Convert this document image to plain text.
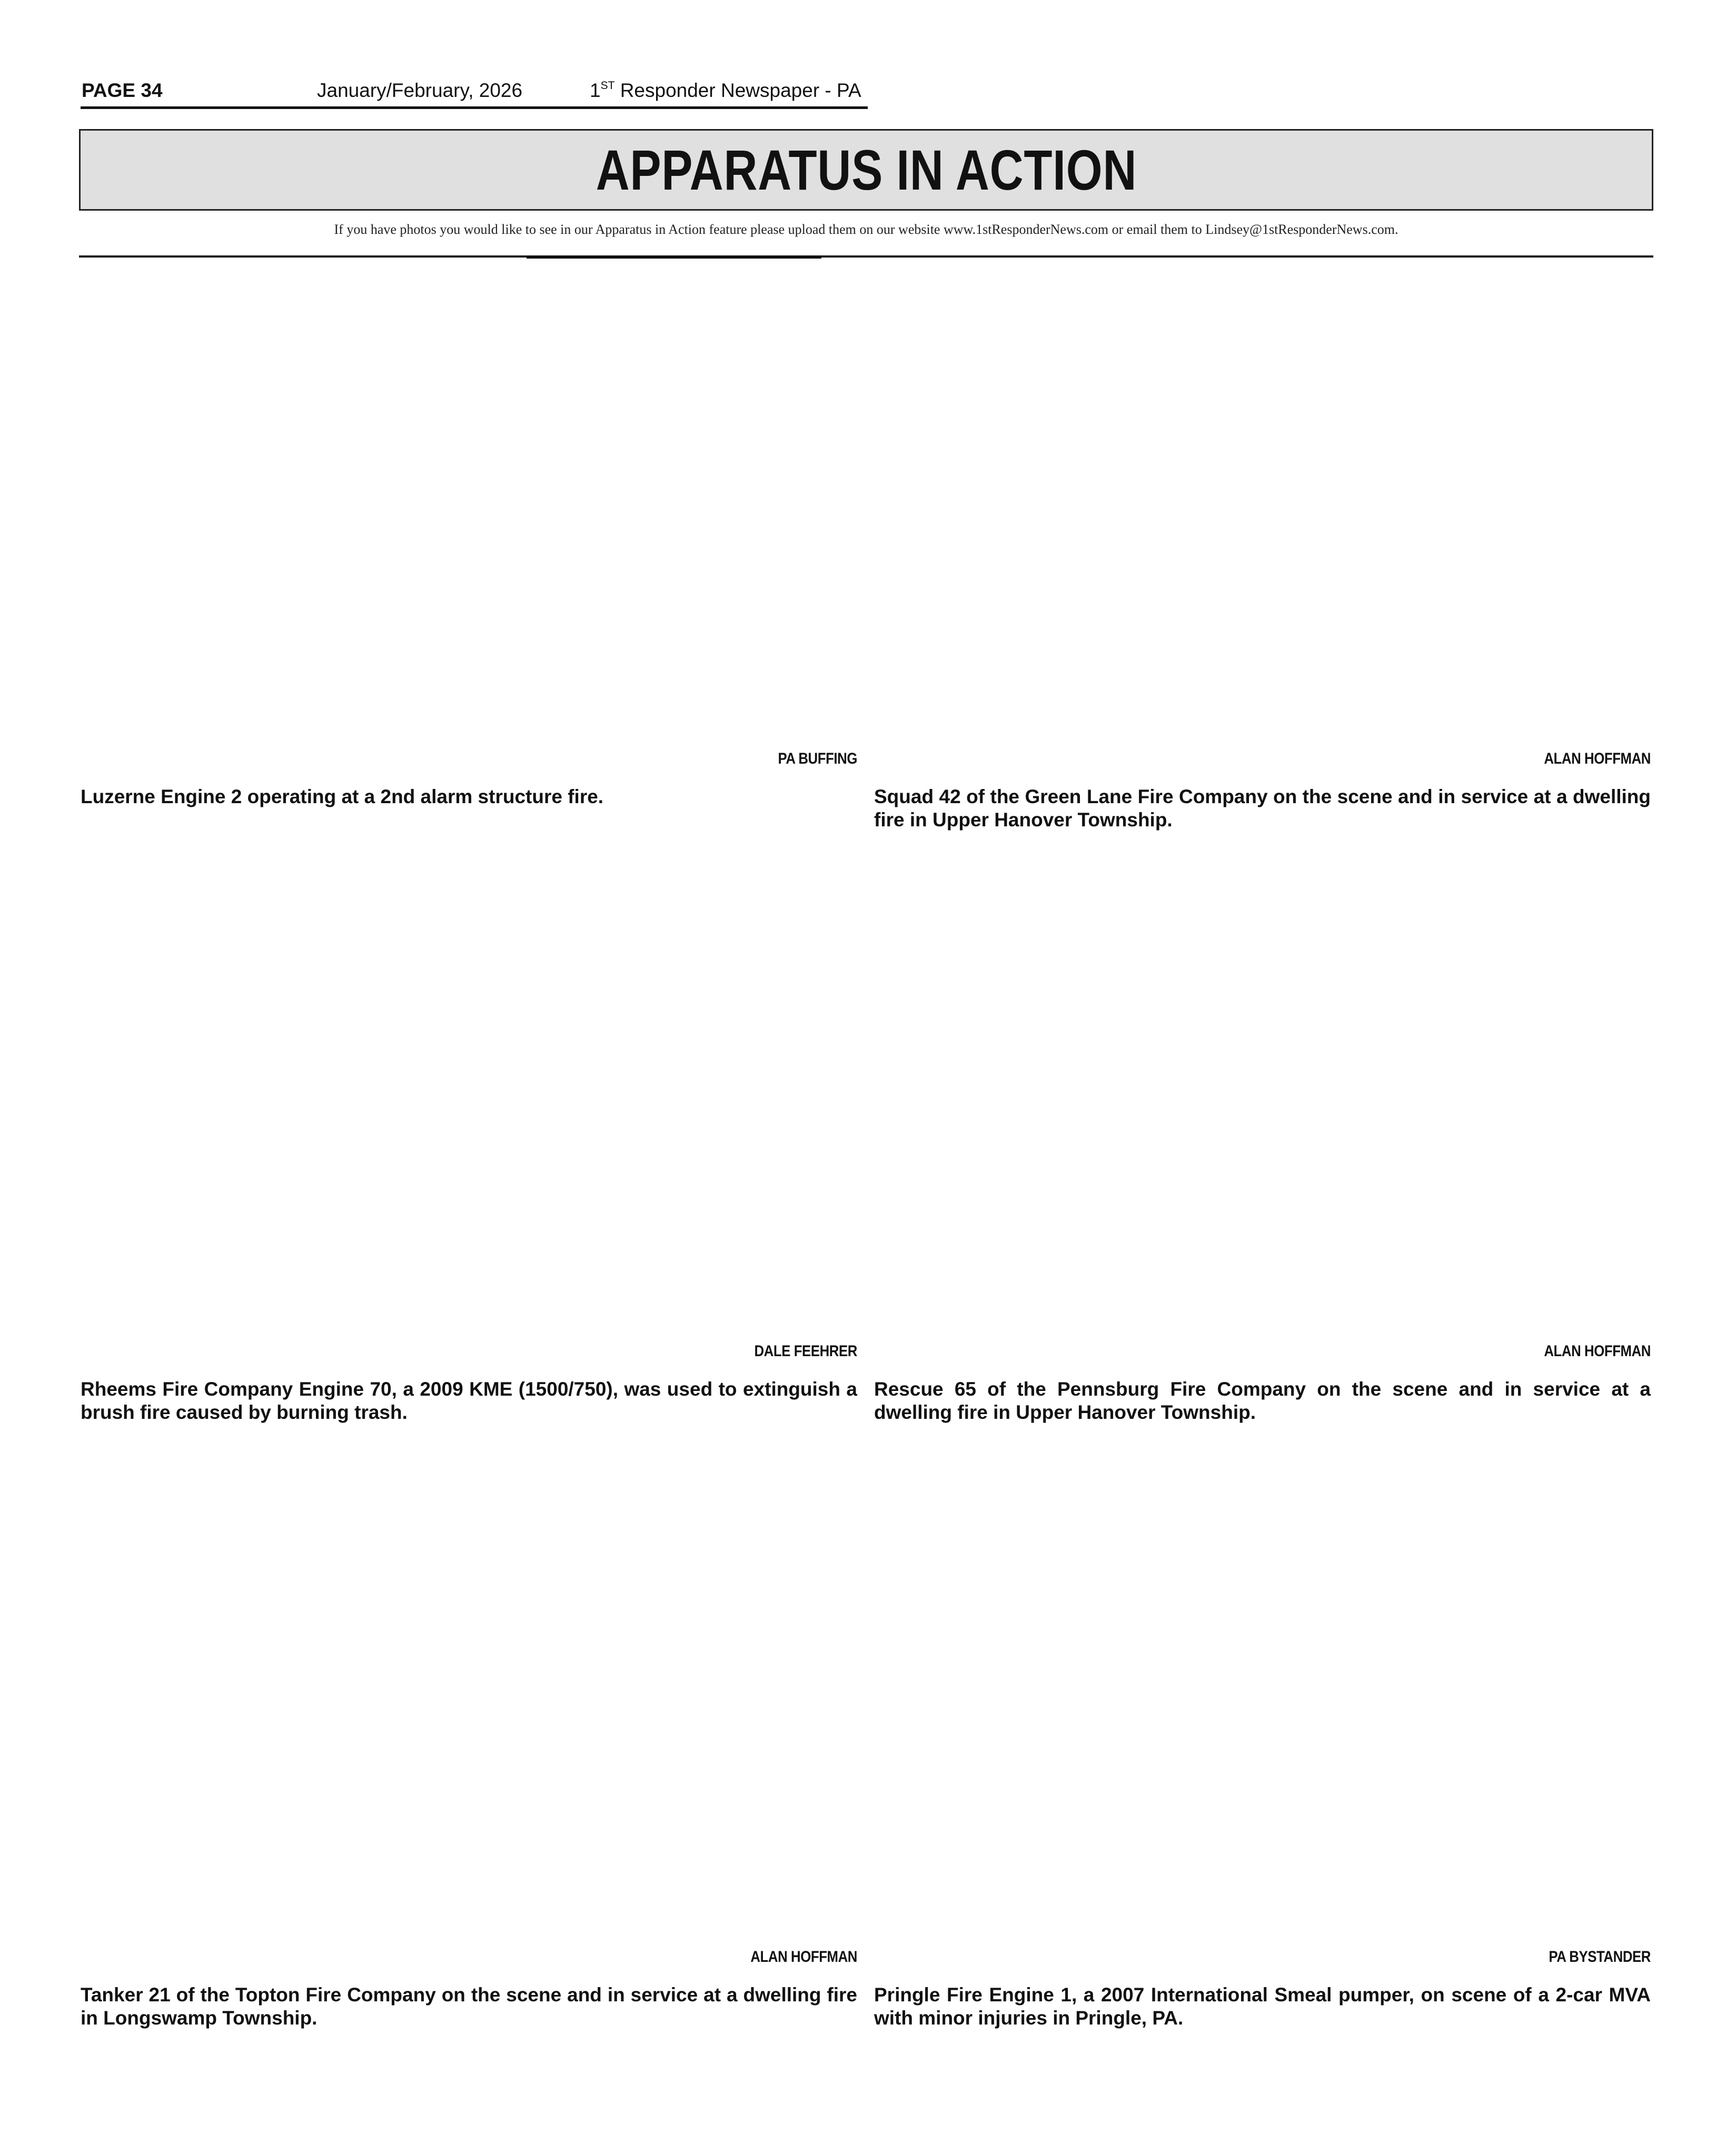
PAGE 34	January/February, 2026	1ST Responder Newspaper - PA
APPARATUS IN ACTION
If you have photos you would like to see in our Apparatus in Action feature please upload them on our website www.1stResponderNews.com or email them to Lindsey@1stResponderNews.com.
PA BUFFING
Luzerne Engine 2 operating at a 2nd alarm structure fire.
ALAN HOFFMAN
Squad 42 of the Green Lane Fire Company on the scene and in service at a dwelling fire in Upper Hanover Township.
DALE FEEHRER
Rheems Fire Company Engine 70, a 2009 KME (1500/750), was used to extinguish a brush fire caused by burning trash.
ALAN HOFFMAN
Rescue 65 of the Pennsburg Fire Company on the scene and in service at a dwelling fire in Upper Hanover Township.
ALAN HOFFMAN
Tanker 21 of the Topton Fire Company on the scene and in service at a dwelling fire in Longswamp Township.
PA BYSTANDER
Pringle Fire Engine 1, a 2007 International Smeal pumper, on scene of a 2-car MVA with minor injuries in Pringle, PA.
